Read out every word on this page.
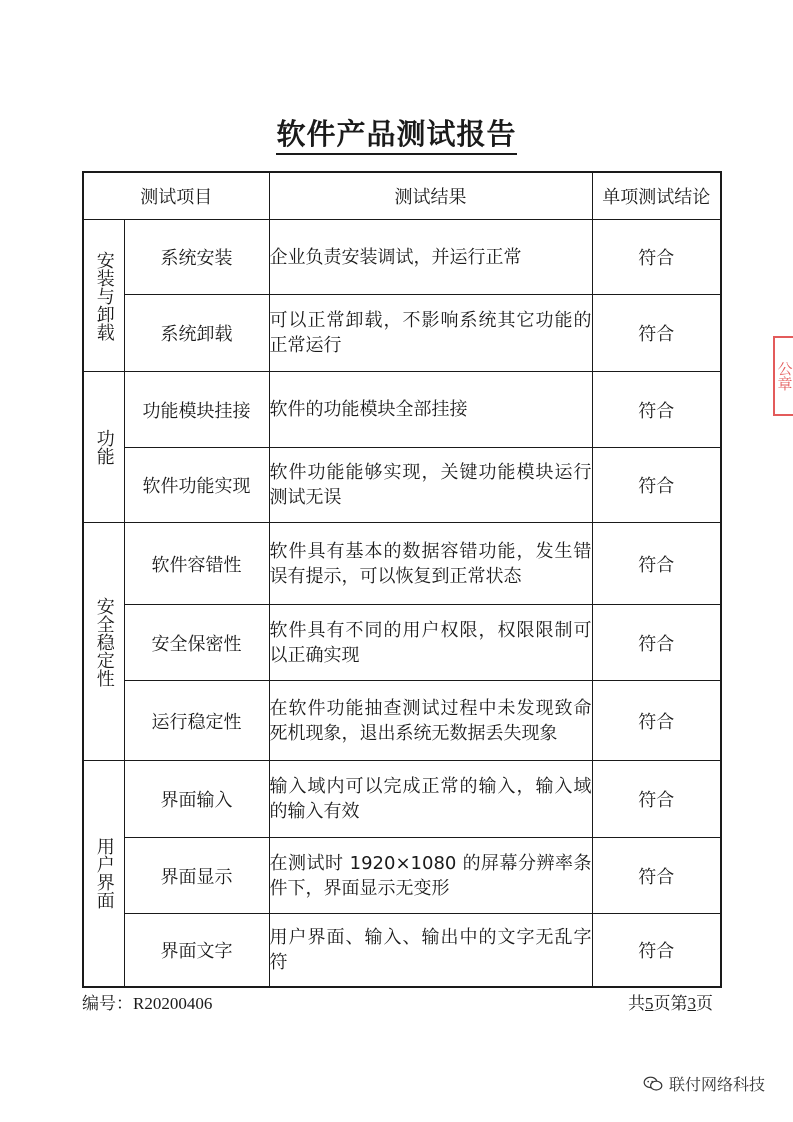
软件产品测试报告
测试项目		测试结果	单项测试结论
安装与卸载	系统安装	企业负责安装调试，并运行正常	符合
	系统卸载	可以正常卸载，不影响系统其它功能的正常运行	符合
功能	功能模块挂接	软件的功能模块全部挂接	符合
	软件功能实现	软件功能能够实现，关键功能模块运行测试无误	符合
安全稳定性	软件容错性	软件具有基本的数据容错功能，发生错误有提示，可以恢复到正常状态	符合
	安全保密性	软件具有不同的用户权限，权限限制可以正确实现	符合
	运行稳定性	在软件功能抽查测试过程中未发现致命死机现象，退出系统无数据丢失现象	符合
用户界面	界面输入	输入域内可以完成正常的输入，输入域的输入有效	符合
	界面显示	在测试时 1920×1080 的屏幕分辨率条件下，界面显示无变形	符合
	界面文字	用户界面、输入、输出中的文字无乱字符	符合
编号：R20200406	共5页第3页
公章
联付网络科技
